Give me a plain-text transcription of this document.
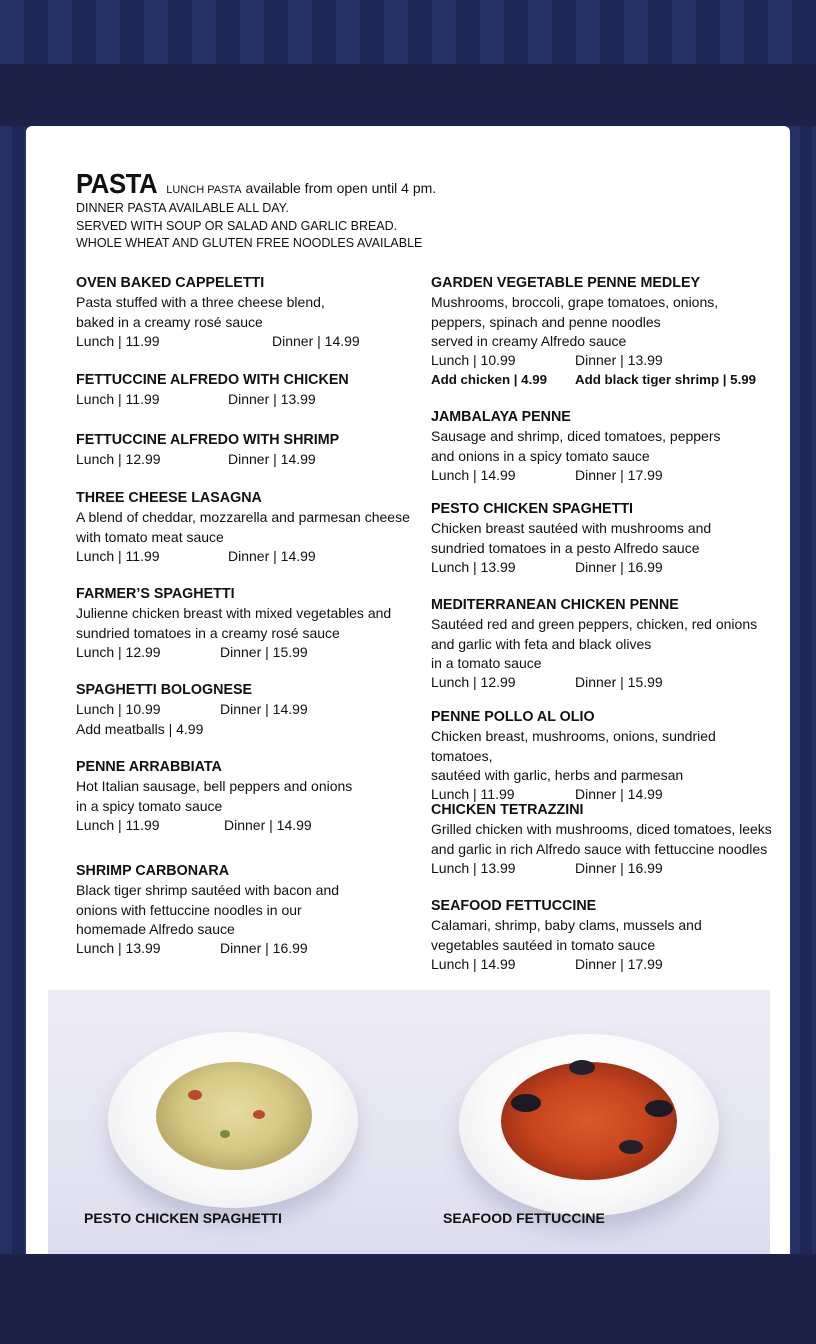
PASTA LUNCH PASTA available from open until 4 pm.
DINNER PASTA AVAILABLE ALL DAY.
SERVED WITH SOUP OR SALAD AND GARLIC BREAD.
WHOLE WHEAT AND GLUTEN FREE NOODLES AVAILABLE
OVEN BAKED CAPPELETTI
Pasta stuffed with a three cheese blend,
baked in a creamy rosé sauce
Lunch | 11.99	Dinner | 14.99
FETTUCCINE ALFREDO WITH CHICKEN
Lunch | 11.99	Dinner | 13.99
FETTUCCINE ALFREDO WITH SHRIMP
Lunch | 12.99	Dinner | 14.99
THREE CHEESE LASAGNA
A blend of cheddar, mozzarella and parmesan cheese
with tomato meat sauce
Lunch | 11.99	Dinner | 14.99
FARMER’S SPAGHETTI
Julienne chicken breast with mixed vegetables and
sundried tomatoes in a creamy rosé sauce
Lunch | 12.99	Dinner | 15.99
SPAGHETTI BOLOGNESE
Lunch | 10.99	Dinner | 14.99
Add meatballs | 4.99
PENNE ARRABBIATA
Hot Italian sausage, bell peppers and onions
in a spicy tomato sauce
Lunch | 11.99	Dinner | 14.99
SHRIMP CARBONARA
Black tiger shrimp sautéed with bacon and
onions with fettuccine noodles in our
homemade Alfredo sauce
Lunch | 13.99	Dinner | 16.99
GARDEN VEGETABLE PENNE MEDLEY
Mushrooms, broccoli, grape tomatoes, onions,
peppers, spinach and penne noodles
served in creamy Alfredo sauce
Lunch | 10.99	Dinner | 13.99
Add chicken | 4.99	Add black tiger shrimp | 5.99
JAMBALAYA PENNE
Sausage and shrimp, diced tomatoes, peppers
and onions in a spicy tomato sauce
Lunch | 14.99	Dinner | 17.99
PESTO CHICKEN SPAGHETTI
Chicken breast sautéed with mushrooms and
sundried tomatoes in a pesto Alfredo sauce
Lunch | 13.99	Dinner | 16.99
MEDITERRANEAN CHICKEN PENNE
Sautéed red and green peppers, chicken, red onions
and garlic with feta and black olives
in a tomato sauce
Lunch | 12.99	Dinner | 15.99
PENNE POLLO AL OLIO
Chicken breast, mushrooms, onions, sundried tomatoes,
sautéed with garlic, herbs and parmesan
Lunch | 11.99	Dinner | 14.99
CHICKEN TETRAZZINI
Grilled chicken with mushrooms, diced tomatoes, leeks
and garlic in rich Alfredo sauce with fettuccine noodles
Lunch | 13.99	Dinner | 16.99
SEAFOOD FETTUCCINE
Calamari, shrimp, baby clams, mussels and
vegetables sautéed in tomato sauce
Lunch | 14.99	Dinner | 17.99
PESTO CHICKEN SPAGHETTI	SEAFOOD FETTUCCINE
